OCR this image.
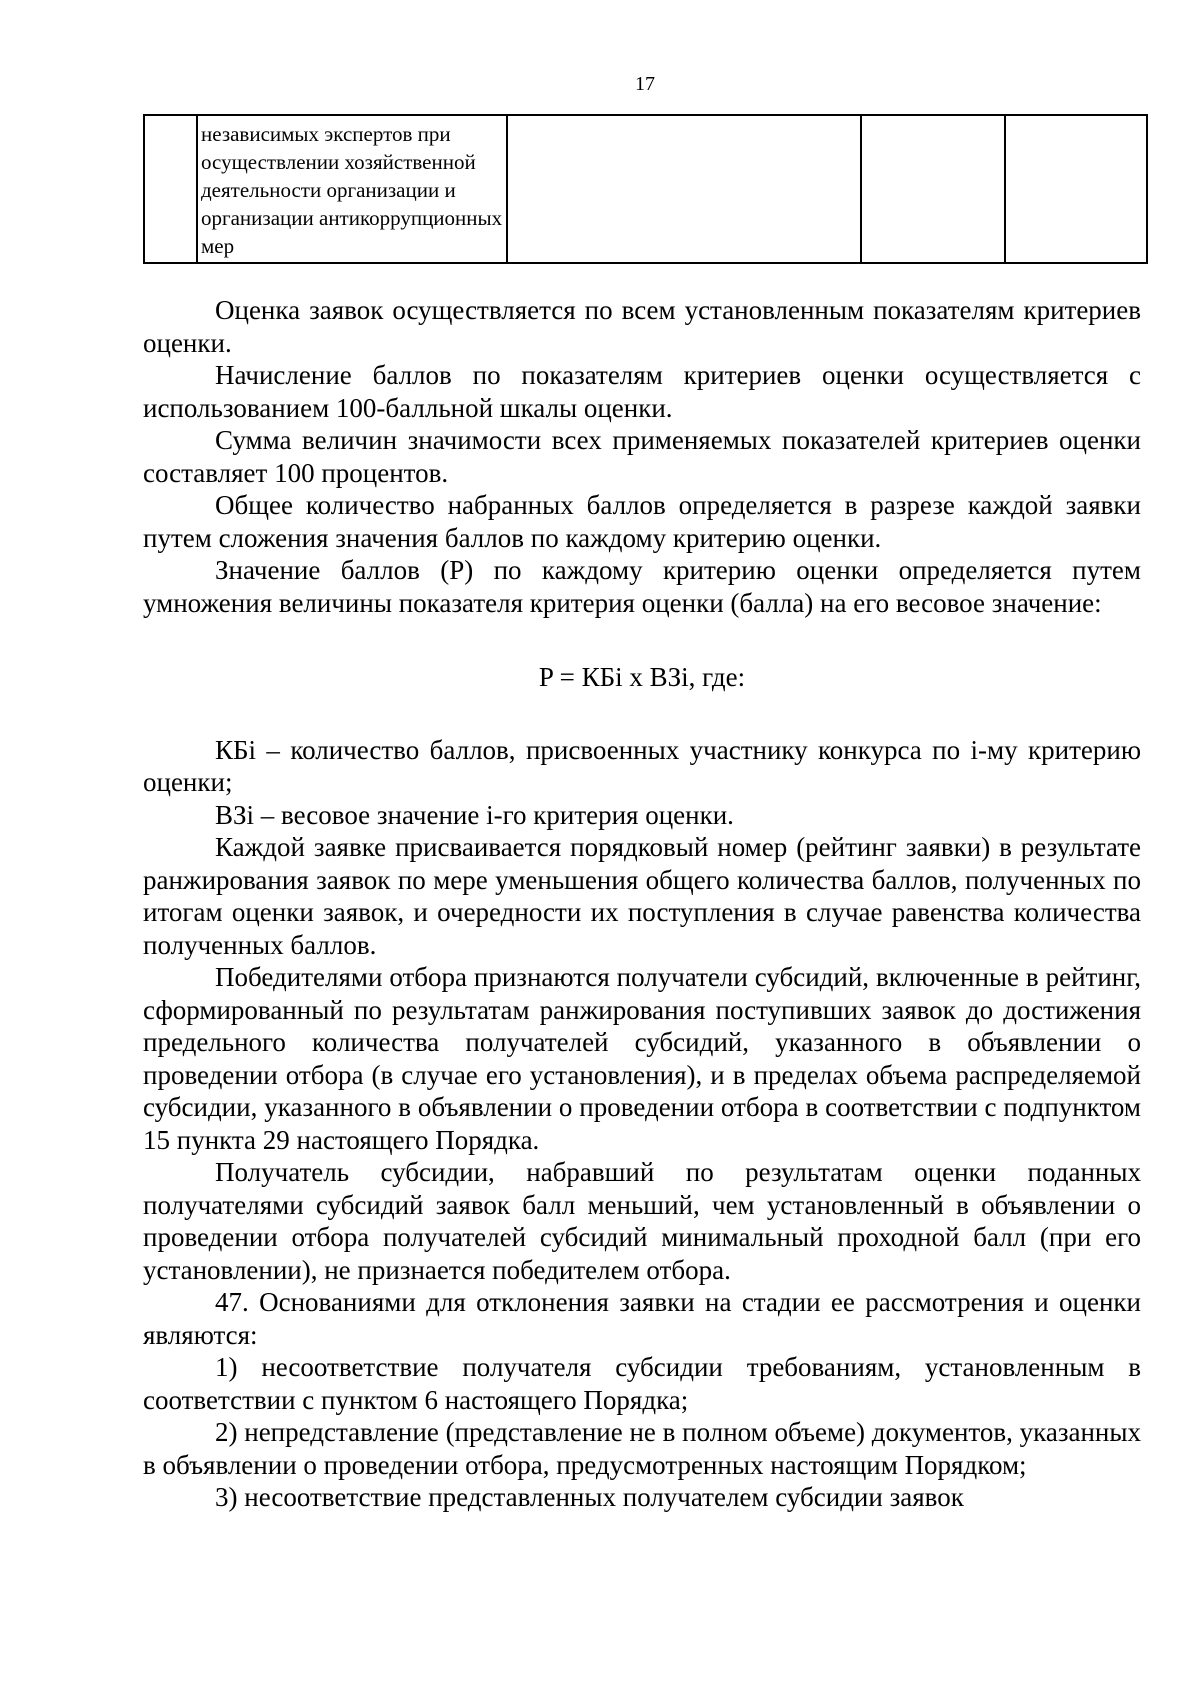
17
	независимых экспертов при осуществлении хозяйственной деятельности организации и организации антикоррупционных мер			

Оценка заявок осуществляется по всем установленным показателям критериев оценки.

Начисление баллов по показателям критериев оценки осуществляется с использованием 100-балльной шкалы оценки.

Сумма величин значимости всех применяемых показателей критериев оценки составляет 100 процентов.

Общее количество набранных баллов определяется в разрезе каждой заявки путем сложения значения баллов по каждому критерию оценки.

Значение баллов (P) по каждому критерию оценки определяется путем умножения величины показателя критерия оценки (балла) на его весовое значение:

P = КБi x ВЗi, где:

КБi – количество баллов, присвоенных участнику конкурса по i-му критерию оценки;

ВЗi – весовое значение i-го критерия оценки.

Каждой заявке присваивается порядковый номер (рейтинг заявки) в результате ранжирования заявок по мере уменьшения общего количества баллов, полученных по итогам оценки заявок, и очередности их поступления в случае равенства количества полученных баллов.

Победителями отбора признаются получатели субсидий, включенные в рейтинг, сформированный по результатам ранжирования поступивших заявок до достижения предельного количества получателей субсидий, указанного в объявлении о проведении отбора (в случае его установления), и в пределах объема распределяемой субсидии, указанного в объявлении о проведении отбора в соответствии с подпунктом 15 пункта 29 настоящего Порядка.

Получатель субсидии, набравший по результатам оценки поданных получателями субсидий заявок балл меньший, чем установленный в объявлении о проведении отбора получателей субсидий минимальный проходной балл (при его установлении), не признается победителем отбора.

47. Основаниями для отклонения заявки на стадии ее рассмотрения и оценки являются:

1) несоответствие получателя субсидии требованиям, установленным в соответствии с пунктом 6 настоящего Порядка;

2) непредставление (представление не в полном объеме) документов, указанных в объявлении о проведении отбора, предусмотренных настоящим Порядком;

3) несоответствие представленных получателем субсидии заявок
